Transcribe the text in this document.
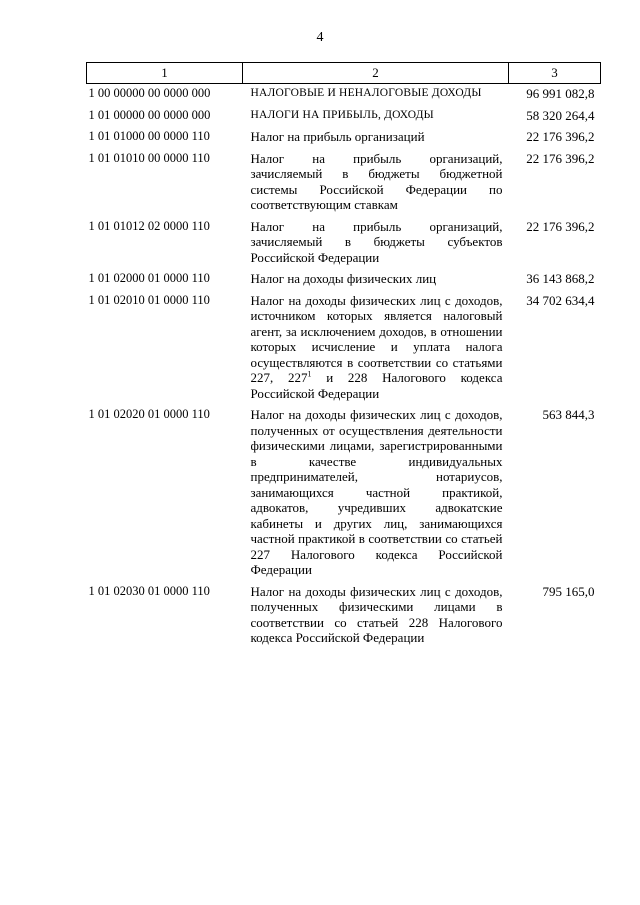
4
1	2	3
1 00 00000 00 0000 000	НАЛОГОВЫЕ И НЕНАЛОГОВЫЕ ДОХОДЫ	96 991 082,8
1 01 00000 00 0000 000	НАЛОГИ НА ПРИБЫЛЬ, ДОХОДЫ	58 320 264,4
1 01 01000 00 0000 110	Налог на прибыль организаций	22 176 396,2
1 01 01010 00 0000 110	Налог на прибыль организаций, зачисляемый в бюджеты бюджетной системы Российской Федерации по соответствующим ставкам	22 176 396,2
1 01 01012 02 0000 110	Налог на прибыль организаций, зачисляемый в бюджеты субъектов Российской Федерации	22 176 396,2
1 01 02000 01 0000 110	Налог на доходы физических лиц	36 143 868,2
1 01 02010 01 0000 110	Налог на доходы физических лиц с доходов, источником которых является налоговый агент, за исключением доходов, в отношении которых исчисление и уплата налога осуществляются в соответствии со статьями 227, $227^1$ и 228 Налогового кодекса Российской Федерации	34 702 634,4
1 01 02020 01 0000 110	Налог на доходы физических лиц с доходов, полученных от осуществления деятельности физическими лицами, зарегистрированными в качестве индивидуальных предпринимателей, нотариусов, занимающихся частной практикой, адвокатов, учредивших адвокатские кабинеты и других лиц, занимающихся частной практикой в соответствии со статьей 227 Налогового кодекса Российской Федерации	563 844,3
1 01 02030 01 0000 110	Налог на доходы физических лиц с доходов, полученных физическими лицами в соответствии со статьей 228 Налогового кодекса Российской Федерации	795 165,0
